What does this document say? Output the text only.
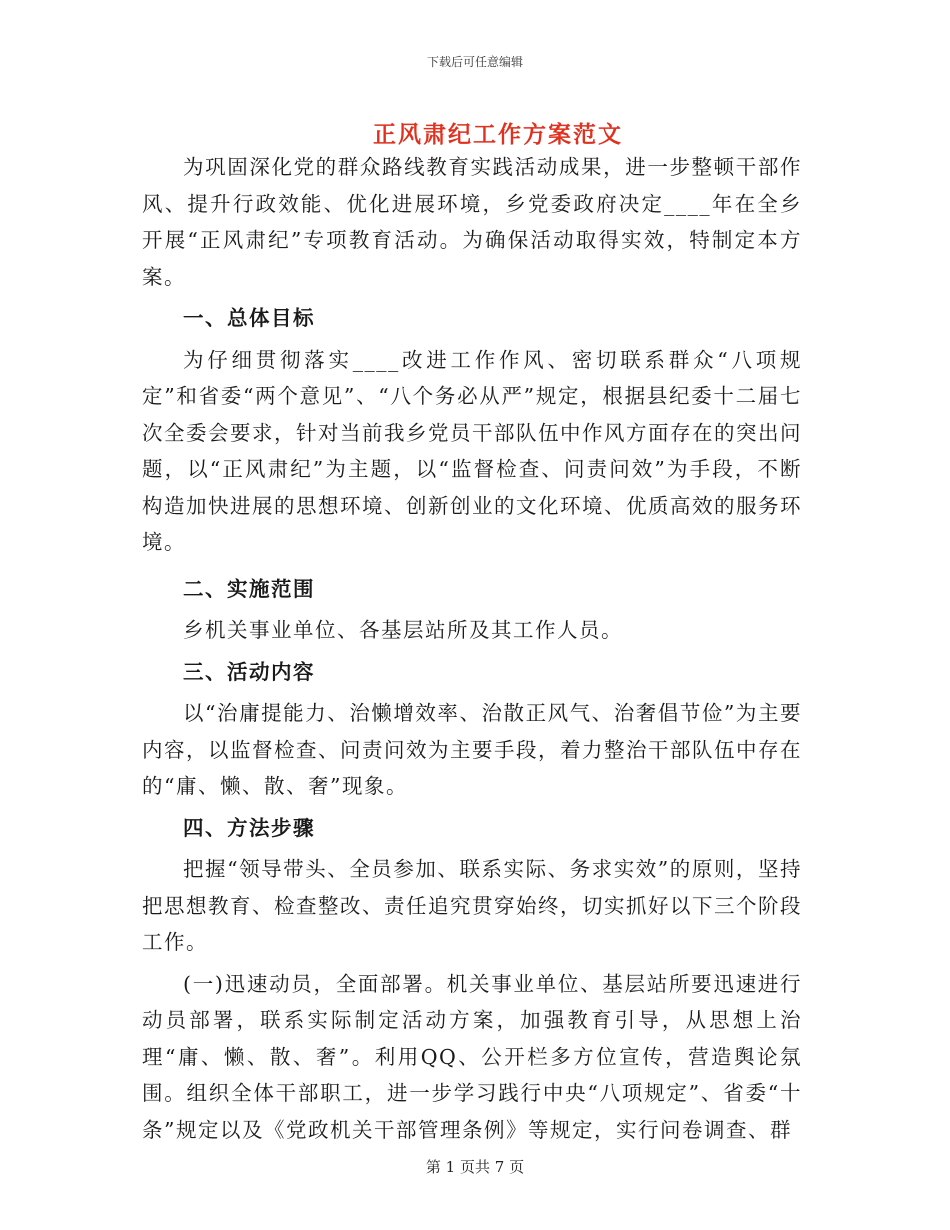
下载后可任意编辑
正风肃纪工作方案范文

为巩固深化党的群众路线教育实践活动成果，进一步整顿干部作风、提升行政效能、优化进展环境，乡党委政府决定____年在全乡开展“正风肃纪”专项教育活动。为确保活动取得实效，特制定本方案。

一、总体目标

为仔细贯彻落实____改进工作作风、密切联系群众“八项规定”和省委“两个意见”、“八个务必从严”规定，根据县纪委十二届七次全委会要求，针对当前我乡党员干部队伍中作风方面存在的突出问题，以“正风肃纪”为主题，以“监督检查、问责问效”为手段，不断构造加快进展的思想环境、创新创业的文化环境、优质高效的服务环境。

二、实施范围

乡机关事业单位、各基层站所及其工作人员。

三、活动内容

以“治庸提能力、治懒增效率、治散正风气、治奢倡节俭”为主要内容，以监督检查、问责问效为主要手段，着力整治干部队伍中存在的“庸、懒、散、奢”现象。

四、方法步骤

把握“领导带头、全员参加、联系实际、务求实效”的原则，坚持把思想教育、检查整改、责任追究贯穿始终，切实抓好以下三个阶段工作。

(一)迅速动员，全面部署。机关事业单位、基层站所要迅速进行动员部署，联系实际制定活动方案，加强教育引导，从思想上治理“庸、懒、散、奢”。利用QQ、公开栏多方位宣传，营造舆论氛围。组织全体干部职工，进一步学习践行中央“八项规定”、省委“十条”规定以及《党政机关干部管理条例》等规定，实行问卷调查、群

第 1 页共 7 页
